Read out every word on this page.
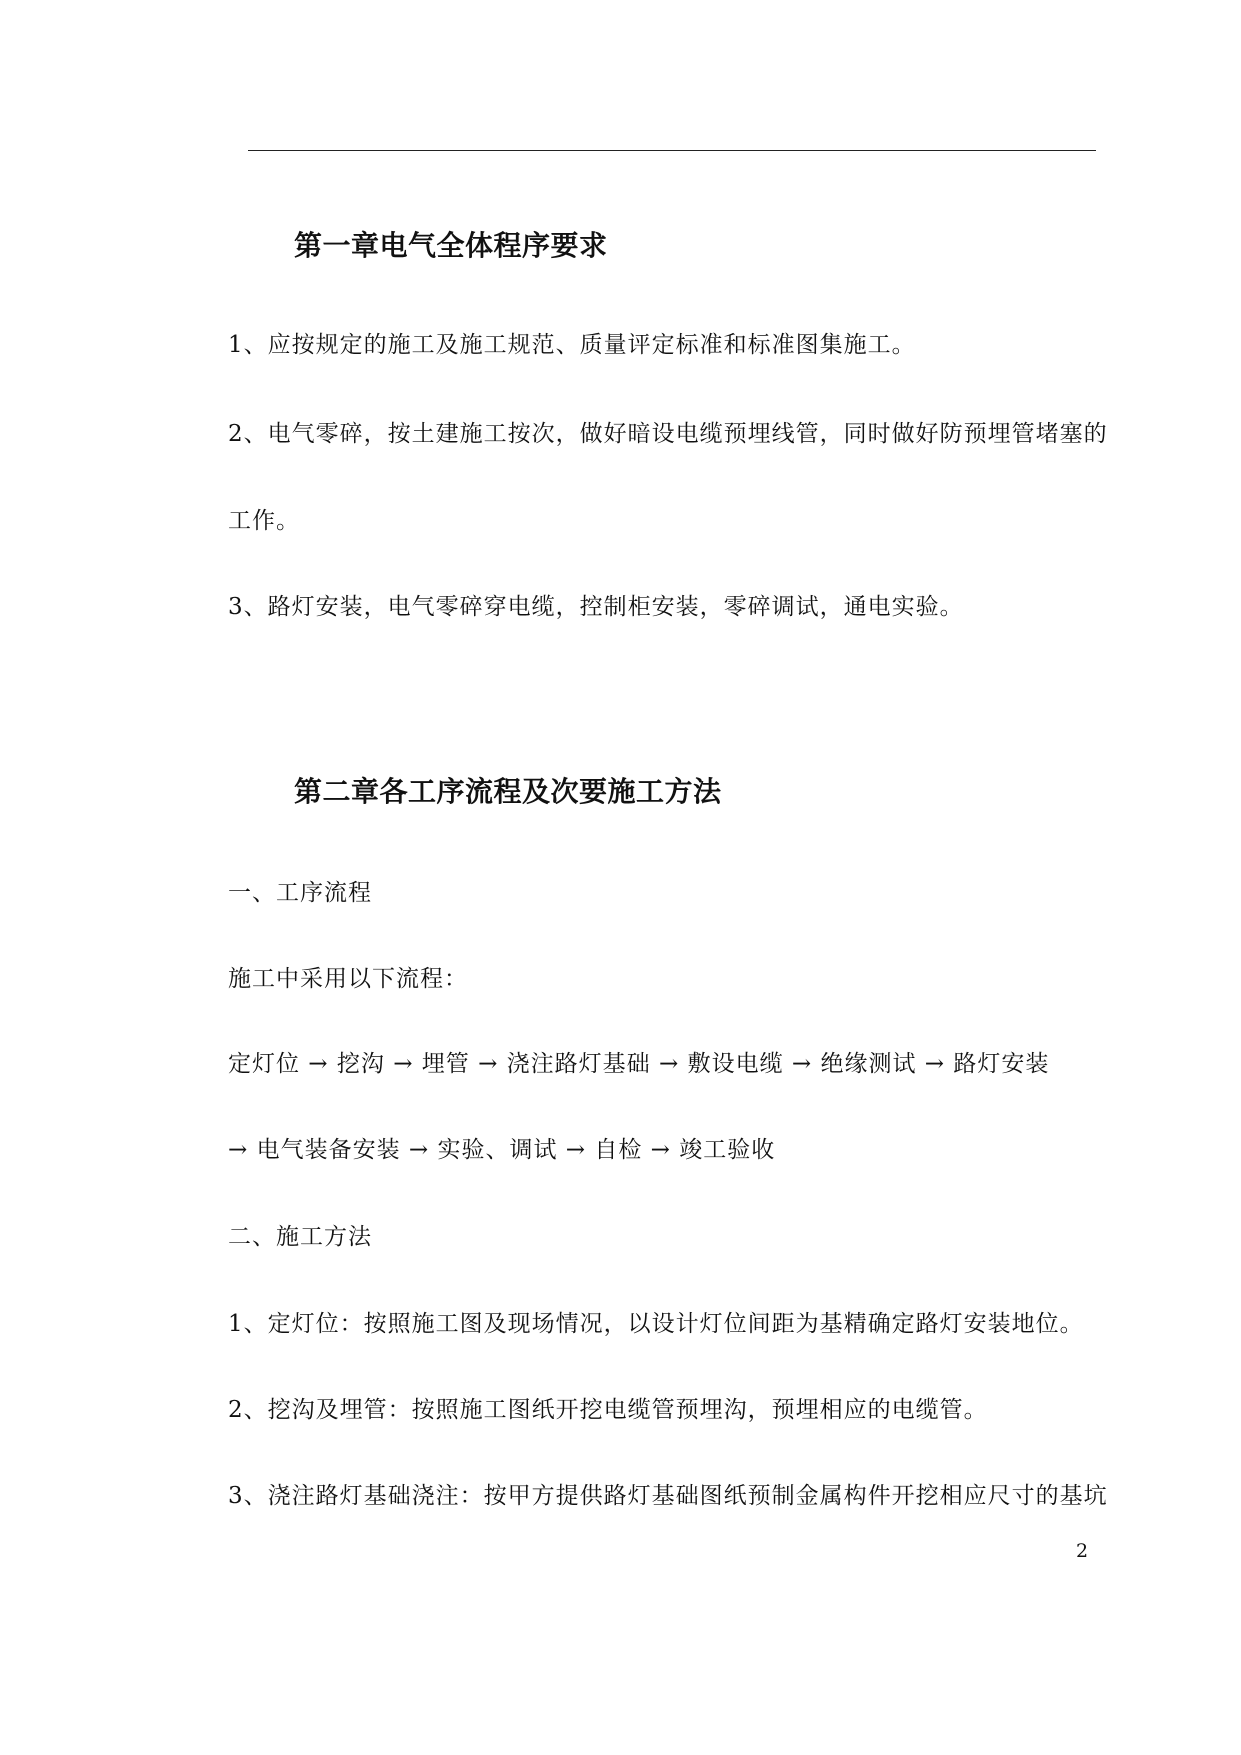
第一章电气全体程序要求
1、应按规定的施工及施工规范、质量评定标准和标准图集施工。
2、电气零碎，按土建施工按次，做好暗设电缆预埋线管，同时做好防预埋管堵塞的
工作。
3、路灯安装，电气零碎穿电缆，控制柜安装，零碎调试，通电实验。
第二章各工序流程及次要施工方法
一、工序流程
施工中采用以下流程：
定灯位 → 挖沟 → 埋管 → 浇注路灯基础 → 敷设电缆 → 绝缘测试 → 路灯安装
→ 电气装备安装 → 实验、调试 → 自检 → 竣工验收
二、施工方法
1、定灯位：按照施工图及现场情况，以设计灯位间距为基精确定路灯安装地位。
2、挖沟及埋管：按照施工图纸开挖电缆管预埋沟，预埋相应的电缆管。
3、浇注路灯基础浇注：按甲方提供路灯基础图纸预制金属构件开挖相应尺寸的基坑
2
